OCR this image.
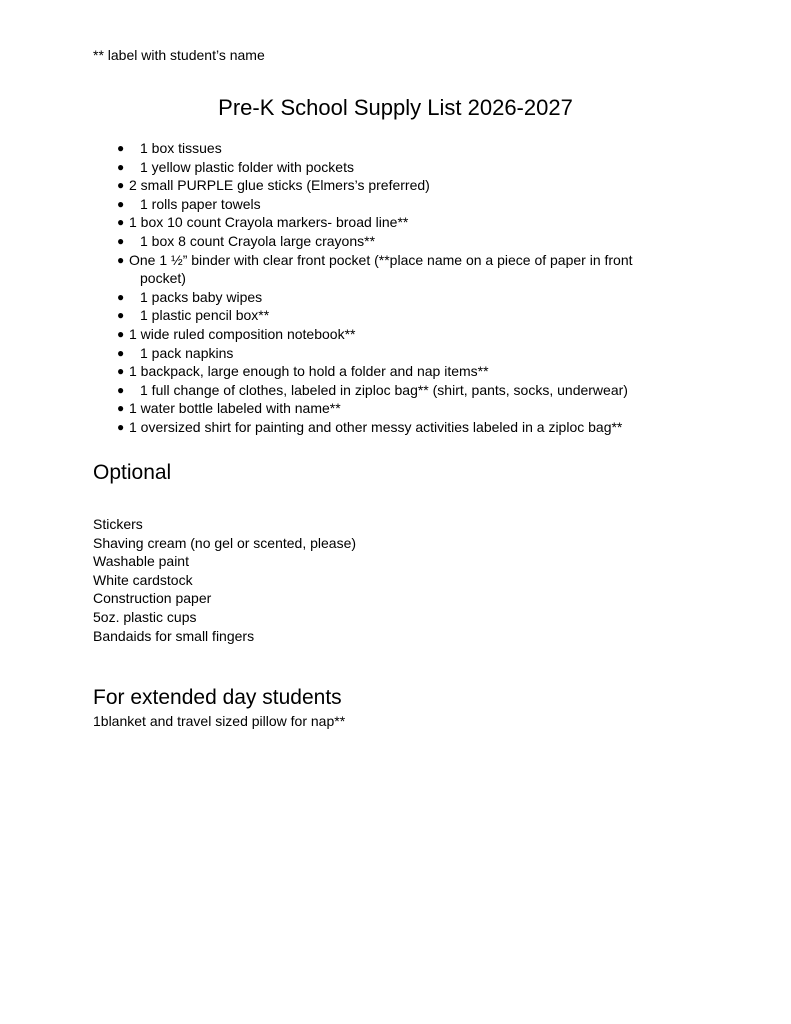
** label with student’s name
Pre-K School Supply List 2026-2027
● 1 box tissues
● 1 yellow plastic folder with pockets
● 2 small PURPLE glue sticks (Elmers’s preferred)
● 1 rolls paper towels
● 1 box 10 count Crayola markers- broad line**
● 1 box 8 count Crayola large crayons**
● One 1 ½” binder with clear front pocket (**place name on a piece of paper in front
pocket)
● 1 packs baby wipes
● 1 plastic pencil box**
● 1 wide ruled composition notebook**
● 1 pack napkins
● 1 backpack, large enough to hold a folder and nap items**
● 1 full change of clothes, labeled in ziploc bag** (shirt, pants, socks, underwear)
● 1 water bottle labeled with name**
● 1 oversized shirt for painting and other messy activities labeled in a ziploc bag**
Optional
Stickers
Shaving cream (no gel or scented, please)
Washable paint
White cardstock
Construction paper
5oz. plastic cups
Bandaids for small fingers
For extended day students
1blanket and travel sized pillow for nap**
